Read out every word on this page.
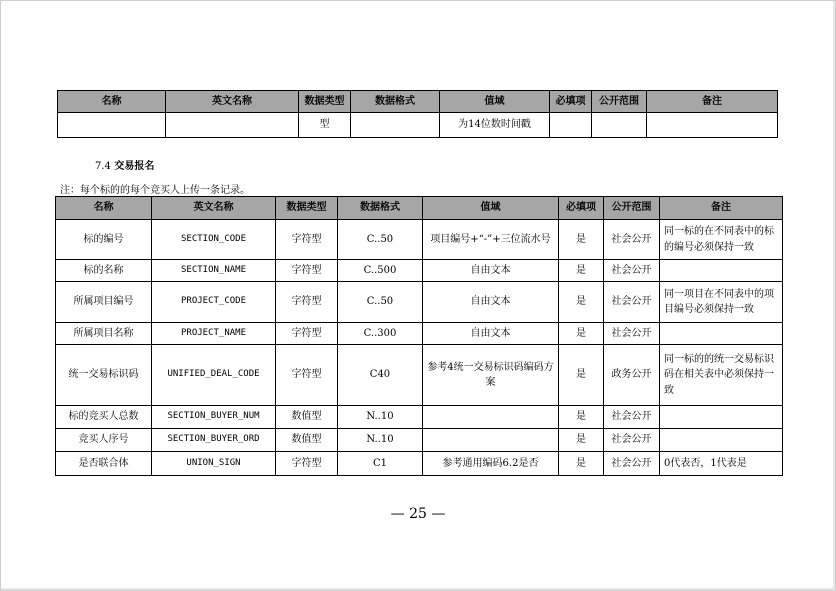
名称	英文名称	数据类型	数据格式	值域	必填项	公开范围	备注
		型		为14位数时间戳			
7.4 交易报名
注：每个标的的每个竞买人上传一条记录。
名称	英文名称	数据类型	数据格式	值域	必填项	公开范围	备注
标的编号	SECTION_CODE	字符型	C..50	项目编号+“-”+三位流水号	是	社会公开	同一标的在不同表中的标的编号必须保持一致
标的名称	SECTION_NAME	字符型	C..500	自由文本	是	社会公开	
所属项目编号	PROJECT_CODE	字符型	C..50	自由文本	是	社会公开	同一项目在不同表中的项目编号必须保持一致
所属项目名称	PROJECT_NAME	字符型	C..300	自由文本	是	社会公开	
统一交易标识码	UNIFIED_DEAL_CODE	字符型	C40	参考4统一交易标识码编码方案	是	政务公开	同一标的的统一交易标识码在相关表中必须保持一致
标的竞买人总数	SECTION_BUYER_NUM	数值型	N..10		是	社会公开	
竞买人序号	SECTION_BUYER_ORD	数值型	N..10		是	社会公开	
是否联合体	UNION_SIGN	字符型	C1	参考通用编码6.2是否	是	社会公开	0代表否，1代表是
— 25 —
